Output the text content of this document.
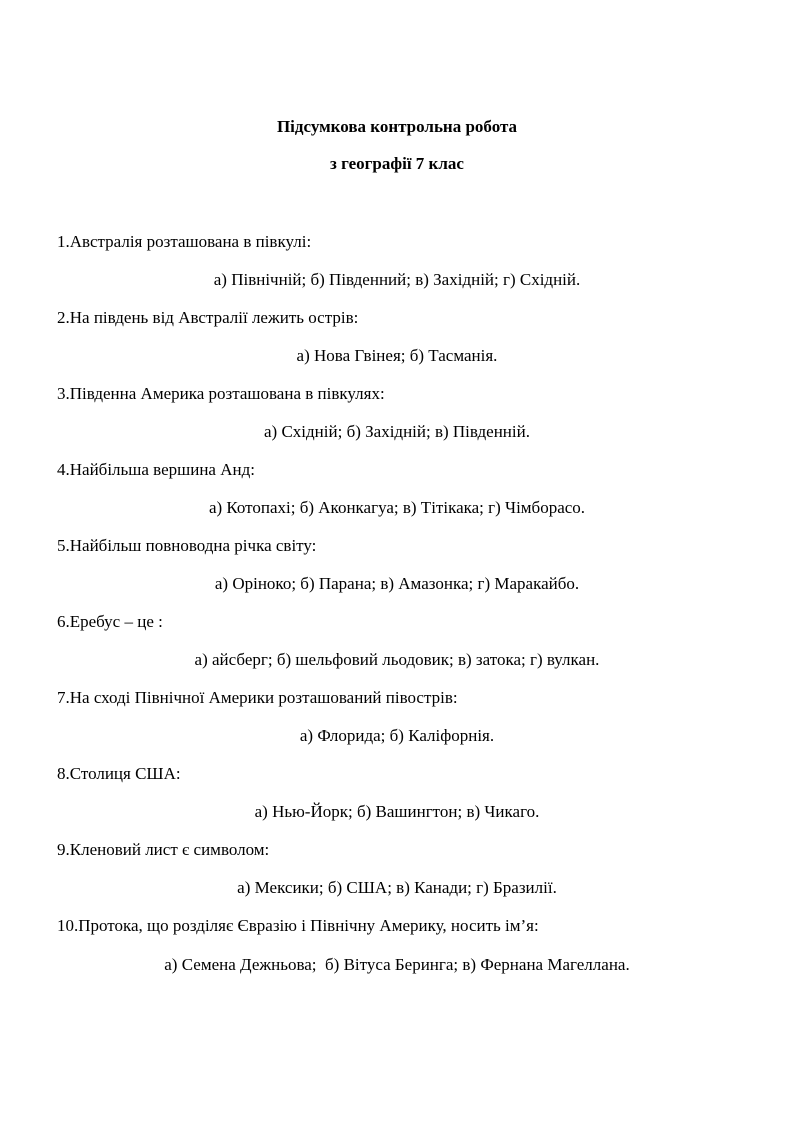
Підсумкова контрольна робота
з географії 7 клас
1.Австралія розташована в півкулі:
а) Північній; б) Південний; в) Західній; г) Східній.
2.На південь від Австралії лежить острів:
а) Нова Гвінея; б) Тасманія.
3.Південна Америка розташована в півкулях:
а) Східній; б) Західній; в) Південній.
4.Найбільша вершина Анд:
а) Котопахі; б) Аконкагуа; в) Тітікака; г) Чімборасо.
5.Найбільш повноводна річка світу:
а) Оріноко; б) Парана; в) Амазонка; г) Маракайбо.
6.Еребус – це :
а) айсберг; б) шельфовий льодовик; в) затока; г) вулкан.
7.На сході Північної Америки розташований півострів:
а) Флорида; б) Каліфорнія.
8.Столиця США:
а) Нью-Йорк; б) Вашингтон; в) Чикаго.
9.Кленовий лист є символом:
а) Мексики; б) США; в) Канади; г) Бразилії.
10.Протока, що розділяє Євразію і Північну Америку, носить ім’я:
а) Семена Дежньова;  б) Вітуса Беринга; в) Фернана Магеллана.
